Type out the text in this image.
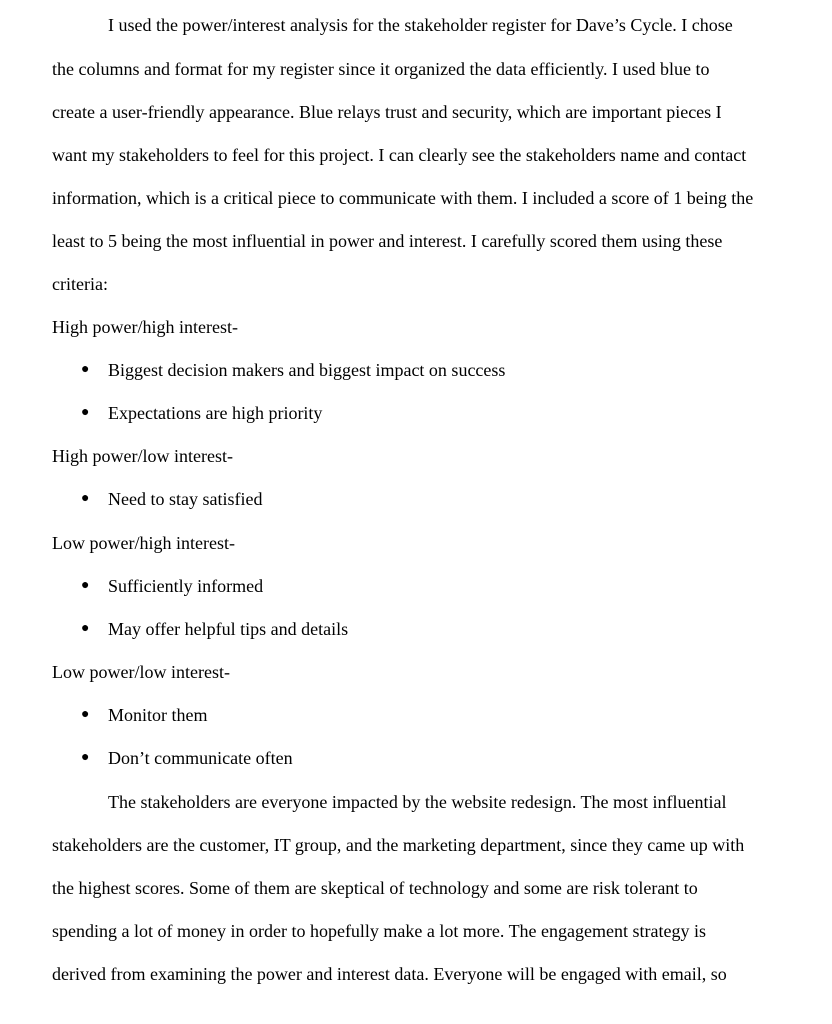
I used the power/interest analysis for the stakeholder register for Dave’s Cycle. I chose
the columns and format for my register since it organized the data efficiently. I used blue to
create a user-friendly appearance. Blue relays trust and security, which are important pieces I
want my stakeholders to feel for this project. I can clearly see the stakeholders name and contact
information, which is a critical piece to communicate with them. I included a score of 1 being the
least to 5 being the most influential in power and interest. I carefully scored them using these
criteria:
High power/high interest-
● Biggest decision makers and biggest impact on success
● Expectations are high priority
High power/low interest-
● Need to stay satisfied
Low power/high interest-
● Sufficiently informed
● May offer helpful tips and details
Low power/low interest-
● Monitor them
● Don’t communicate often
The stakeholders are everyone impacted by the website redesign. The most influential
stakeholders are the customer, IT group, and the marketing department, since they came up with
the highest scores. Some of them are skeptical of technology and some are risk tolerant to
spending a lot of money in order to hopefully make a lot more. The engagement strategy is
derived from examining the power and interest data. Everyone will be engaged with email, so
